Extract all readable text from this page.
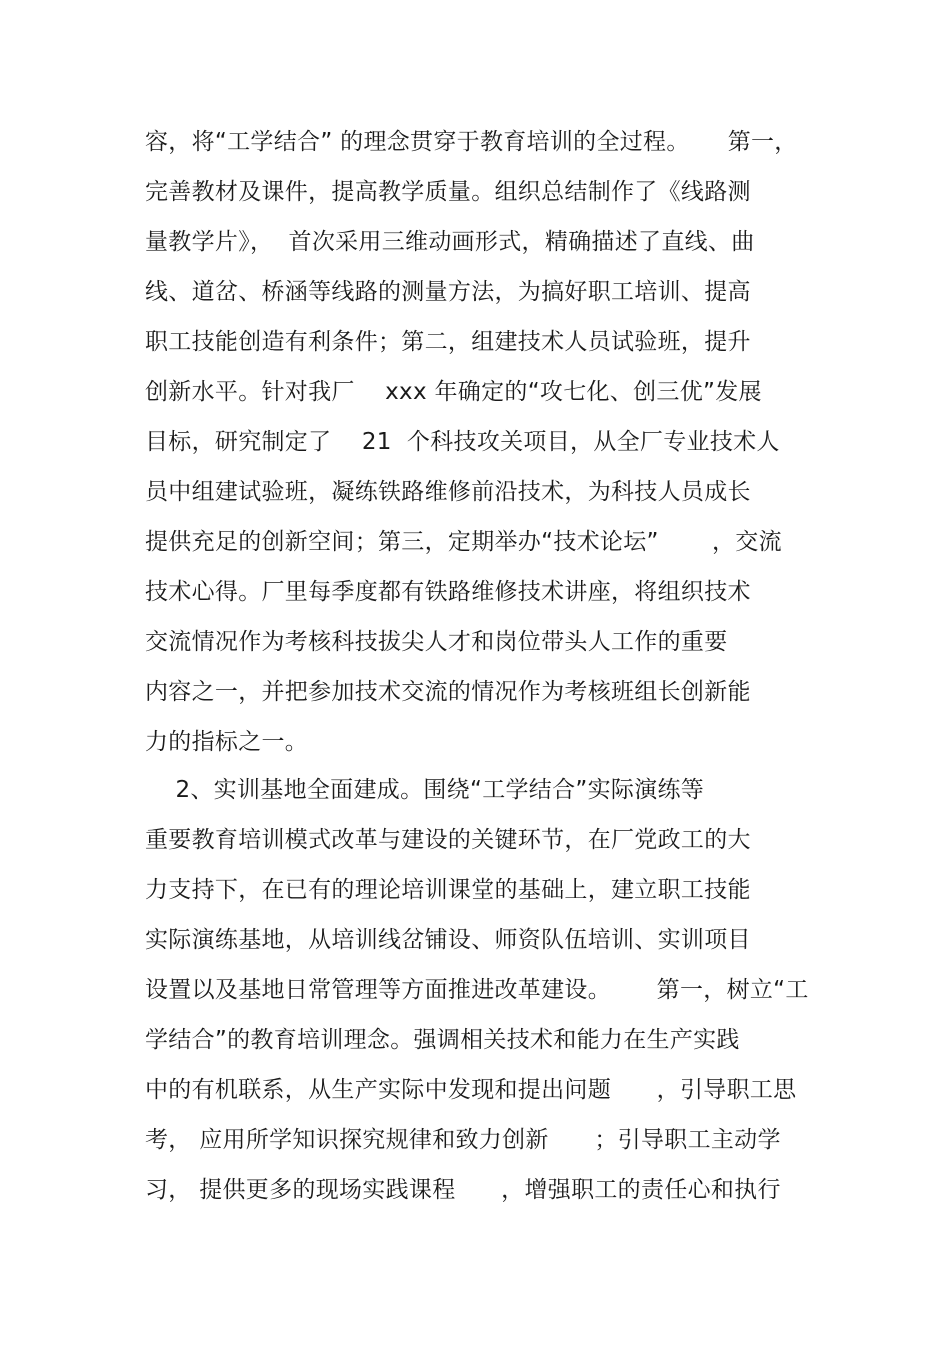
容，将“工学结合” 的理念贯穿于教育培训的全过程。     第一，
完善教材及课件，提高教学质量。组织总结制作了《线路测
量教学片》，  首次采用三维动画形式，精确描述了直线、曲
线、道岔、桥涵等线路的测量方法，为搞好职工培训、提高
职工技能创造有利条件；第二，组建技术人员试验班，提升
创新水平。针对我厂    xxx 年确定的“攻七化、创三优”发展
目标，研究制定了    21  个科技攻关项目，从全厂专业技术人
员中组建试验班，凝练铁路维修前沿技术，为科技人员成长
提供充足的创新空间；第三，定期举办“技术论坛”       ，交流
技术心得。厂里每季度都有铁路维修技术讲座，将组织技术
交流情况作为考核科技拔尖人才和岗位带头人工作的重要
内容之一，并把参加技术交流的情况作为考核班组长创新能
力的指标之一。
2、实训基地全面建成。围绕“工学结合”实际演练等
重要教育培训模式改革与建设的关键环节，在厂党政工的大
力支持下，在已有的理论培训课堂的基础上，建立职工技能
实际演练基地，从培训线岔铺设、师资队伍培训、实训项目
设置以及基地日常管理等方面推进改革建设。      第一，树立“工
学结合”的教育培训理念。强调相关技术和能力在生产实践
中的有机联系，从生产实际中发现和提出问题      ，引导职工思
考， 应用所学知识探究规律和致力创新      ；引导职工主动学
习， 提供更多的现场实践课程      ，增强职工的责任心和执行
